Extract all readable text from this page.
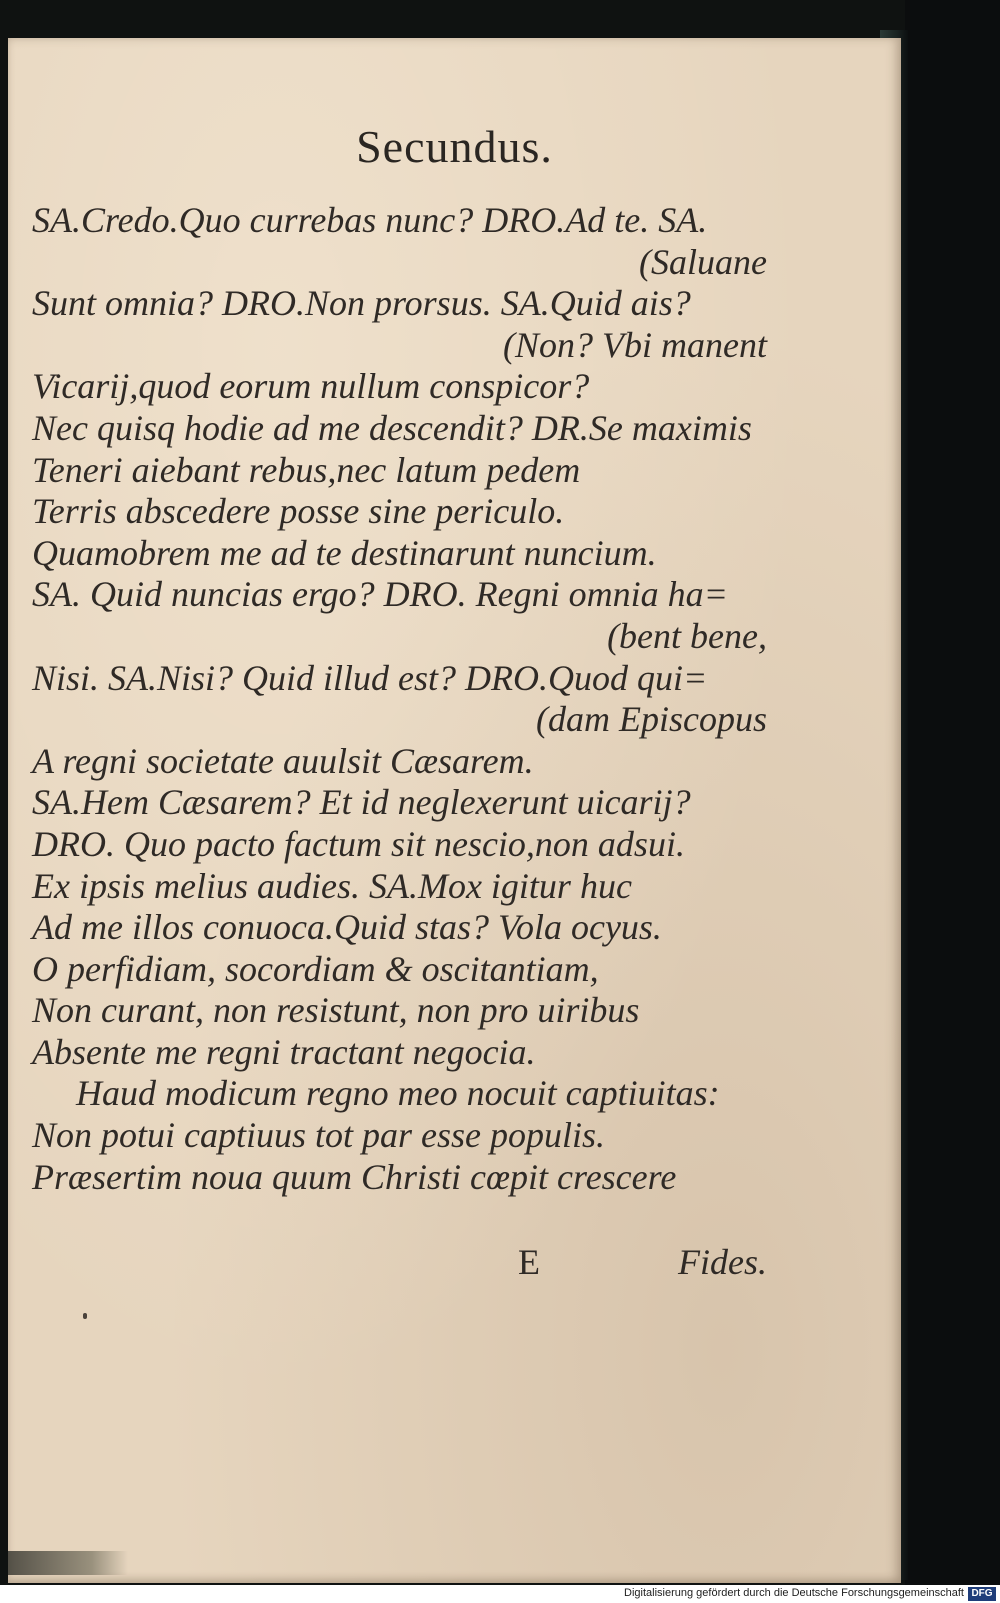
Secundus.
SA.Credo.Quo currebas nunc? DRO.Ad te. SA.
(Saluane
Sunt omnia? DRO.Non prorsus. SA.Quid ais?
(Non? Vbi manent
Vicarij,quod eorum nullum conspicor?
Nec quisq hodie ad me descendit? DR.Se maximis
Teneri aiebant rebus,nec latum pedem
Terris abscedere posse sine periculo.
Quamobrem me ad te destinarunt nuncium.
SA. Quid nuncias ergo? DRO. Regni omnia ha=
(bent bene,
Nisi. SA.Nisi? Quid illud est? DRO.Quod qui=
(dam Episcopus
A regni societate auulsit Cæsarem.
SA.Hem Cæsarem? Et id neglexerunt uicarij?
DRO. Quo pacto factum sit nescio,non adsui.
Ex ipsis melius audies. SA.Mox igitur huc
Ad me illos conuoca.Quid stas? Vola ocyus.
O perfidiam, socordiam & oscitantiam,
Non curant, non resistunt, non pro uiribus
Absente me regni tractant negocia.
Haud modicum regno meo nocuit captiuitas:
Non potui captiuus tot par esse populis.
Præsertim noua quum Christi cœpit crescere
E	Fides.
Digitalisierung gefördert durch die Deutsche Forschungsgemeinschaft DFG
